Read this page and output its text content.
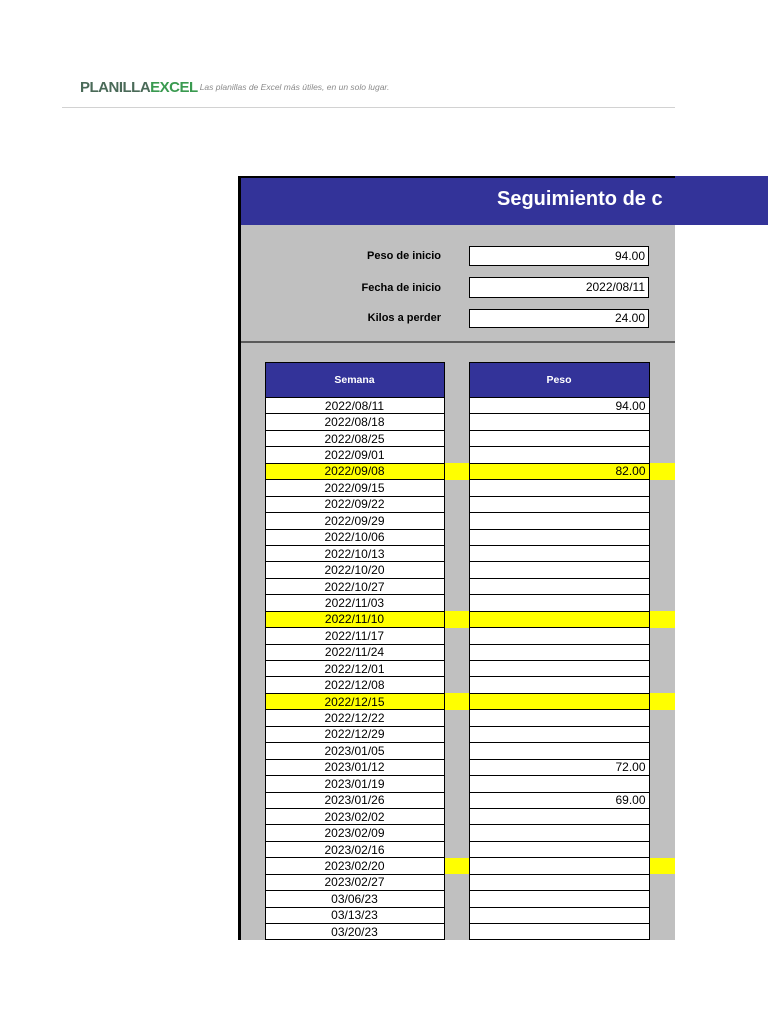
PLANILLAEXCEL Las planillas de Excel más útiles, en un solo lugar.
Seguimiento de c
Peso de inicio	94.00
Fecha de inicio	2022/08/11
Kilos a perder	24.00
	Semana		Peso	
	2022/08/11		94.00	
	2022/08/18			
	2022/08/25			
	2022/09/01			
	2022/09/08		82.00	
	2022/09/15			
	2022/09/22			
	2022/09/29			
	2022/10/06			
	2022/10/13			
	2022/10/20			
	2022/10/27			
	2022/11/03			
	2022/11/10			
	2022/11/17			
	2022/11/24			
	2022/12/01			
	2022/12/08			
	2022/12/15			
	2022/12/22			
	2022/12/29			
	2023/01/05			
	2023/01/12		72.00	
	2023/01/19			
	2023/01/26		69.00	
	2023/02/02			
	2023/02/09			
	2023/02/16			
	2023/02/20			
	2023/02/27			
	03/06/23			
	03/13/23			
	03/20/23			
